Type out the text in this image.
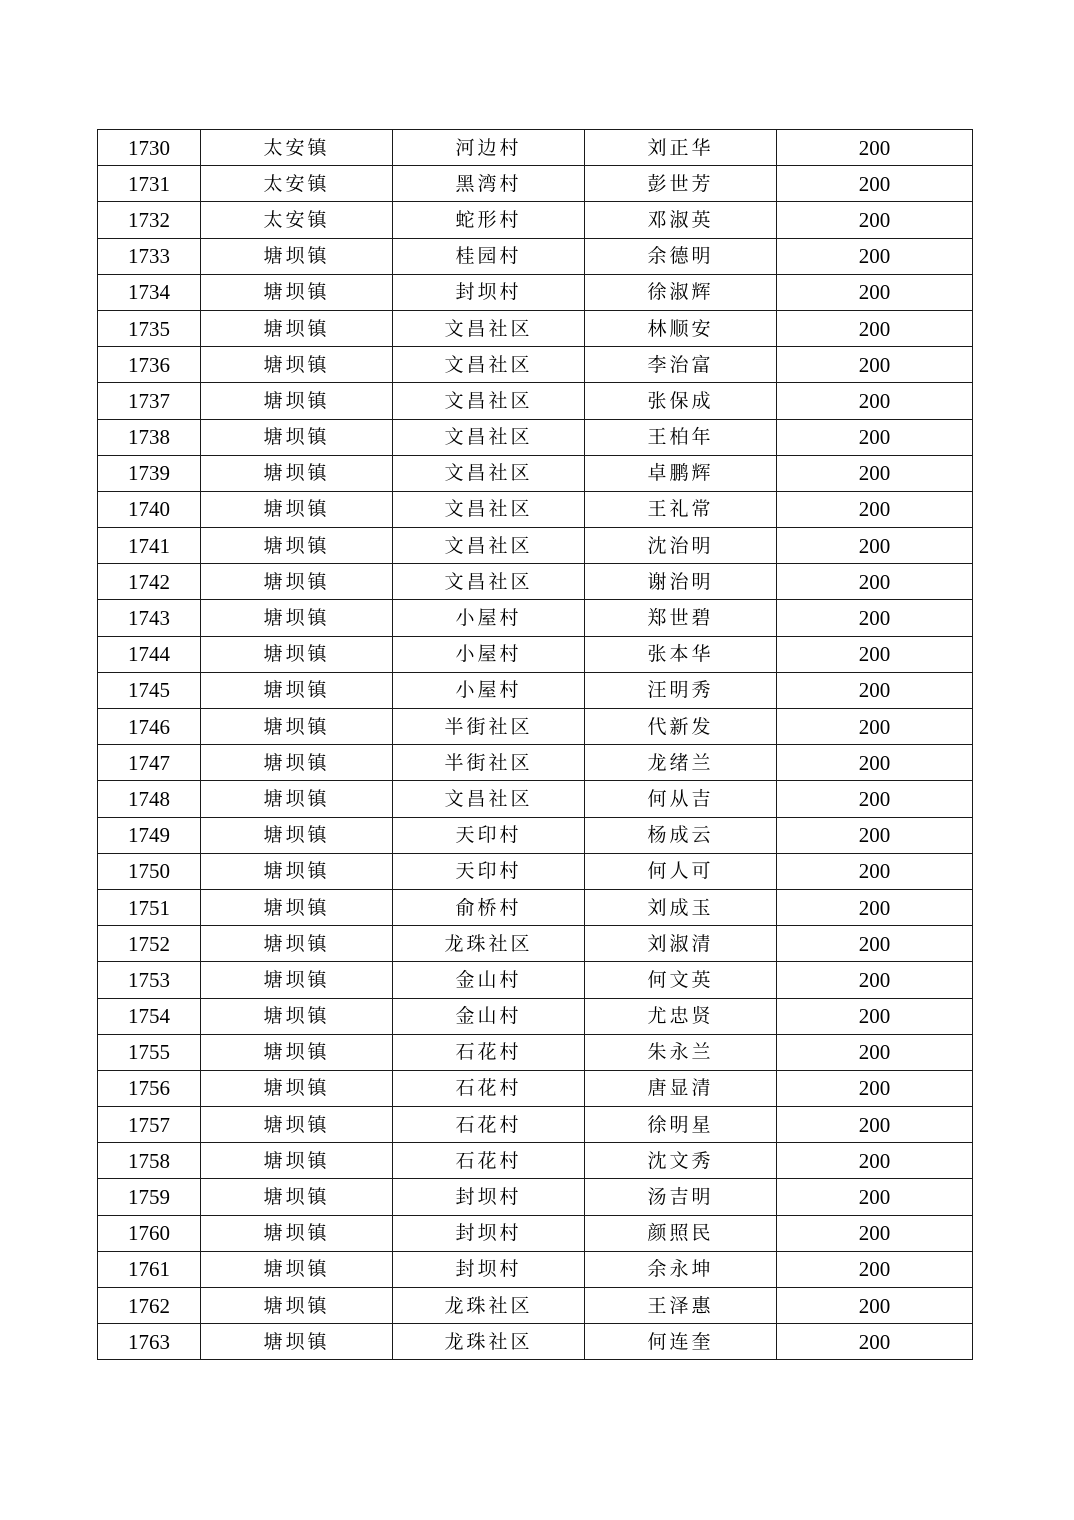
1730	太安镇	河边村	刘正华	200
1731	太安镇	黑湾村	彭世芳	200
1732	太安镇	蛇形村	邓淑英	200
1733	塘坝镇	桂园村	余德明	200
1734	塘坝镇	封坝村	徐淑辉	200
1735	塘坝镇	文昌社区	林顺安	200
1736	塘坝镇	文昌社区	李治富	200
1737	塘坝镇	文昌社区	张保成	200
1738	塘坝镇	文昌社区	王柏年	200
1739	塘坝镇	文昌社区	卓鹏辉	200
1740	塘坝镇	文昌社区	王礼常	200
1741	塘坝镇	文昌社区	沈治明	200
1742	塘坝镇	文昌社区	谢治明	200
1743	塘坝镇	小屋村	郑世碧	200
1744	塘坝镇	小屋村	张本华	200
1745	塘坝镇	小屋村	汪明秀	200
1746	塘坝镇	半街社区	代新发	200
1747	塘坝镇	半街社区	龙绪兰	200
1748	塘坝镇	文昌社区	何从吉	200
1749	塘坝镇	天印村	杨成云	200
1750	塘坝镇	天印村	何人可	200
1751	塘坝镇	俞桥村	刘成玉	200
1752	塘坝镇	龙珠社区	刘淑清	200
1753	塘坝镇	金山村	何文英	200
1754	塘坝镇	金山村	尤忠贤	200
1755	塘坝镇	石花村	朱永兰	200
1756	塘坝镇	石花村	唐显清	200
1757	塘坝镇	石花村	徐明星	200
1758	塘坝镇	石花村	沈文秀	200
1759	塘坝镇	封坝村	汤吉明	200
1760	塘坝镇	封坝村	颜照民	200
1761	塘坝镇	封坝村	余永坤	200
1762	塘坝镇	龙珠社区	王泽惠	200
1763	塘坝镇	龙珠社区	何连奎	200
